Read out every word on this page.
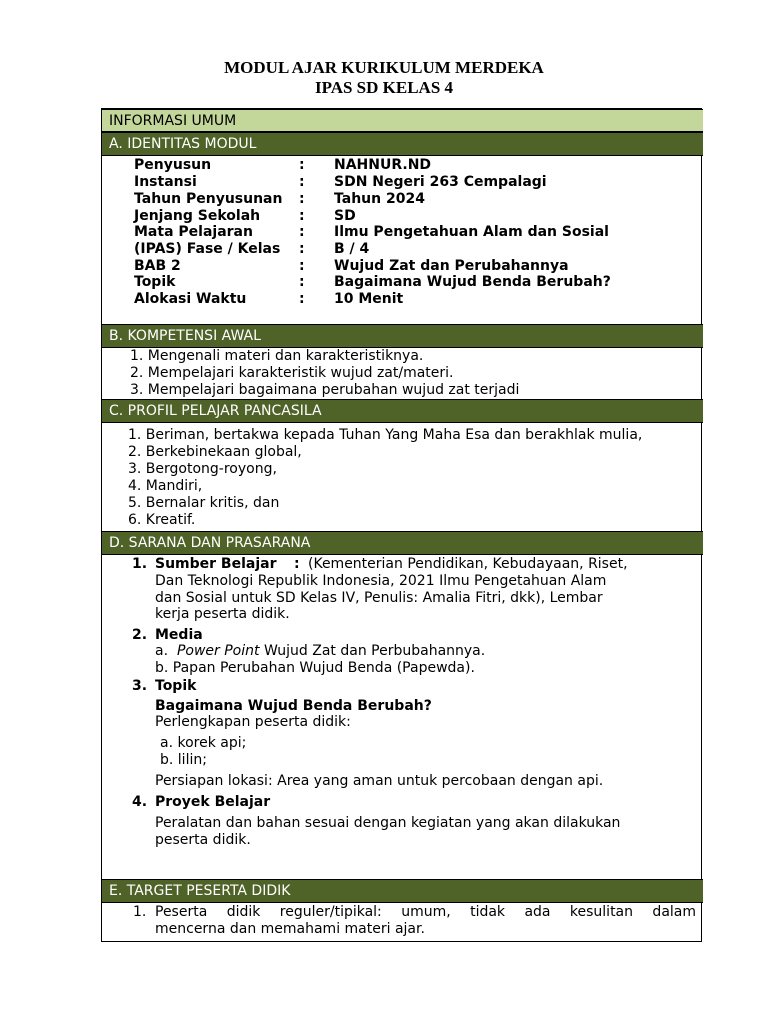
MODUL AJAR KURIKULUM MERDEKA
IPAS SD KELAS 4
INFORMASI UMUM
A. IDENTITAS MODUL
Penyusun	: NAHNUR.ND
Instansi	: SDN Negeri 263 Cempalagi
Tahun Penyusunan : Tahun 2024
Jenjang Sekolah	: SD
Mata Pelajaran	: Ilmu Pengetahuan Alam dan Sosial
(IPAS) Fase / Kelas : B / 4
BAB 2	: Wujud Zat dan Perubahannya
Topik	: Bagaimana Wujud Benda Berubah?
Alokasi Waktu	: 10 Menit
B. KOMPETENSI AWAL
1. Mengenali materi dan karakteristiknya.
2. Mempelajari karakteristik wujud zat/materi.
3. Mempelajari bagaimana perubahan wujud zat terjadi
C. PROFIL PELAJAR PANCASILA
1. Beriman, bertakwa kepada Tuhan Yang Maha Esa dan berakhlak mulia,
2. Berkebinekaan global,
3. Bergotong-royong,
4. Mandiri,
5. Bernalar kritis, dan
6. Kreatif.
D. SARANA DAN PRASARANA
1. Sumber Belajar : (Kementerian Pendidikan, Kebudayaan, Riset,
Dan Teknologi Republik Indonesia, 2021 Ilmu Pengetahuan Alam
dan Sosial untuk SD Kelas IV, Penulis: Amalia Fitri, dkk), Lembar
kerja peserta didik.
2. Media
a. Power Point Wujud Zat dan Perbubahannya.
b. Papan Perubahan Wujud Benda (Papewda).
3. Topik
Bagaimana Wujud Benda Berubah?
Perlengkapan peserta didik:
a. korek api;
b. lilin;
Persiapan lokasi: Area yang aman untuk percobaan dengan api.
4. Proyek Belajar
Peralatan dan bahan sesuai dengan kegiatan yang akan dilakukan
peserta didik.
E. TARGET PESERTA DIDIK
1. Peserta didik reguler/tipikal: umum, tidak ada kesulitan dalam
mencerna dan memahami materi ajar.
